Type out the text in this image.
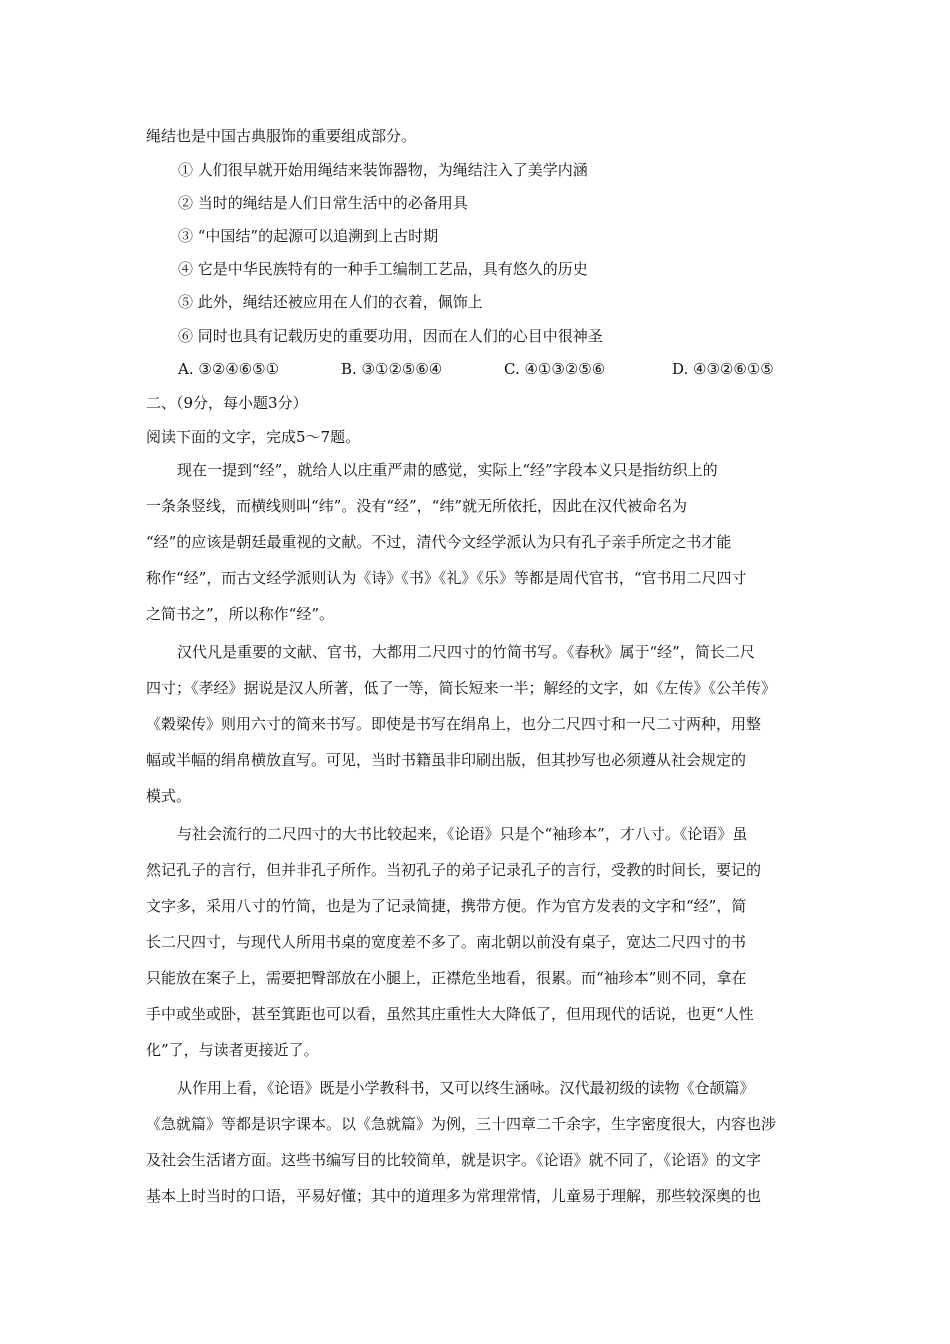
绳结也是中国古典服饰的重要组成部分。
① 人们很早就开始用绳结来装饰器物，为绳结注入了美学内涵
② 当时的绳结是人们日常生活中的必备用具
③ “中国结”的起源可以追溯到上古时期
④ 它是中华民族特有的一种手工编制工艺品，具有悠久的历史
⑤ 此外，绳结还被应用在人们的衣着，佩饰上
⑥ 同时也具有记载历史的重要功用，因而在人们的心目中很神圣
A. ③②④⑥⑤①	B. ③①②⑤⑥④	C. ④①③②⑤⑥	D. ④③②⑥①⑤
二、（9分，每小题3分）
阅读下面的文字，完成5～7题。
现在一提到“经”，就给人以庄重严肃的感觉，实际上“经”字段本义只是指纺织上的
一条条竖线，而横线则叫“纬”。没有“经”，“纬”就无所依托，因此在汉代被命名为
“经”的应该是朝廷最重视的文献。不过，清代今文经学派认为只有孔子亲手所定之书才能
称作“经”，而古文经学派则认为《诗》《书》《礼》《乐》等都是周代官书，“官书用二尺四寸
之简书之”，所以称作“经”。
汉代凡是重要的文献、官书，大都用二尺四寸的竹简书写。《春秋》属于“经”，简长二尺
四寸；《孝经》据说是汉人所著，低了一等，简长短来一半；解经的文字，如《左传》《公羊传》
《穀梁传》则用六寸的简来书写。即使是书写在绢帛上，也分二尺四寸和一尺二寸两种，用整
幅或半幅的绢帛横放直写。可见，当时书籍虽非印刷出版，但其抄写也必须遵从社会规定的
模式。
与社会流行的二尺四寸的大书比较起来，《论语》只是个“袖珍本”，才八寸。《论语》虽
然记孔子的言行，但并非孔子所作。当初孔子的弟子记录孔子的言行，受教的时间长，要记的
文字多，采用八寸的竹简，也是为了记录简捷，携带方便。作为官方发表的文字和“经”，简
长二尺四寸，与现代人所用书桌的宽度差不多了。南北朝以前没有桌子，宽达二尺四寸的书
只能放在案子上，需要把臀部放在小腿上，正襟危坐地看，很累。而“袖珍本”则不同，拿在
手中或坐或卧，甚至箕距也可以看，虽然其庄重性大大降低了，但用现代的话说，也更“人性
化”了，与读者更接近了。
从作用上看，《论语》既是小学教科书，又可以终生涵咏。汉代最初级的读物《仓颉篇》
《急就篇》等都是识字课本。以《急就篇》为例，三十四章二千余字，生字密度很大，内容也涉
及社会生活诸方面。这些书编写目的比较简单，就是识字。《论语》就不同了，《论语》的文字
基本上时当时的口语，平易好懂；其中的道理多为常理常情，儿童易于理解，那些较深奥的也
